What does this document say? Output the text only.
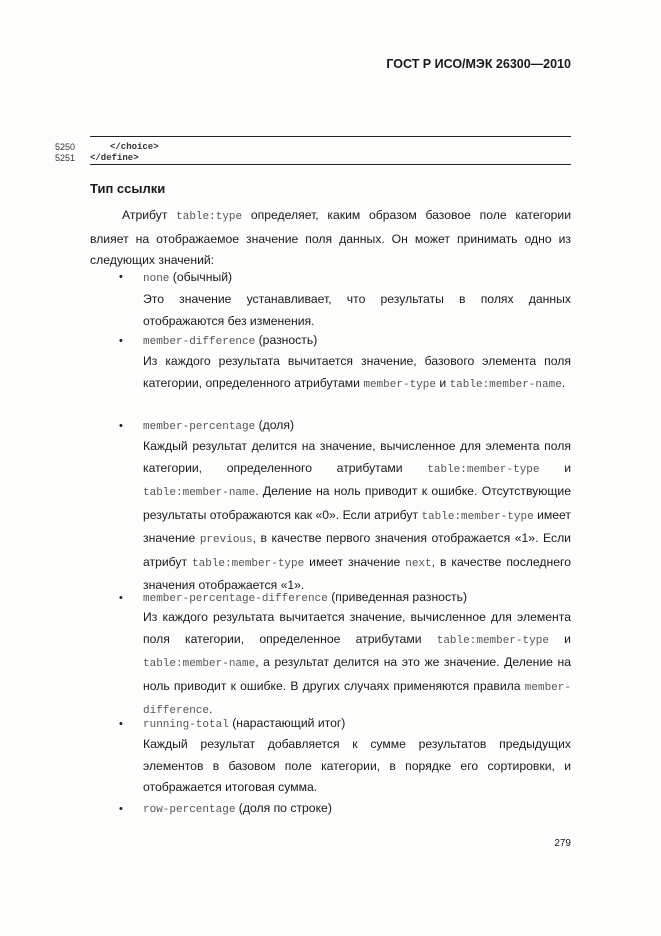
ГОСТ Р ИСО/МЭК 26300—2010
5250	</choice>
5251 </define>
Тип ссылки
Атрибут table:type определяет, каким образом базовое поле категории влияет на отображаемое значение поля данных. Он может принимать одно из следующих значений:
• none (обычный)
Это значение устанавливает, что результаты в полях данных отображаются без изменения.
• member-difference (разность)
Из каждого результата вычитается значение, базового элемента поля категории, определенного атрибутами member-type и table:member-name.
• member-percentage (доля)
Каждый результат делится на значение, вычисленное для элемента поля категории, определенного атрибутами table:member-type и table:member-name. Деление на ноль приводит к ошибке. Отсутствующие результаты отображаются как «0». Если атрибут table:member-type имеет значение previous, в качестве первого значения отображается «1». Если атрибут table:member-type имеет значение next, в качестве последнего значения отображается «1».
• member-percentage-difference (приведенная разность)
Из каждого результата вычитается значение, вычисленное для элемента поля категории, определенное атрибутами table:member-type и table:member-name, а результат делится на это же значение. Деление на ноль приводит к ошибке. В других случаях применяются правила member-difference.
• running-total (нарастающий итог)
Каждый результат добавляется к сумме результатов предыдущих элементов в базовом поле категории, в порядке его сортировки, и отображается итоговая сумма.
• row-percentage (доля по строке)
279
